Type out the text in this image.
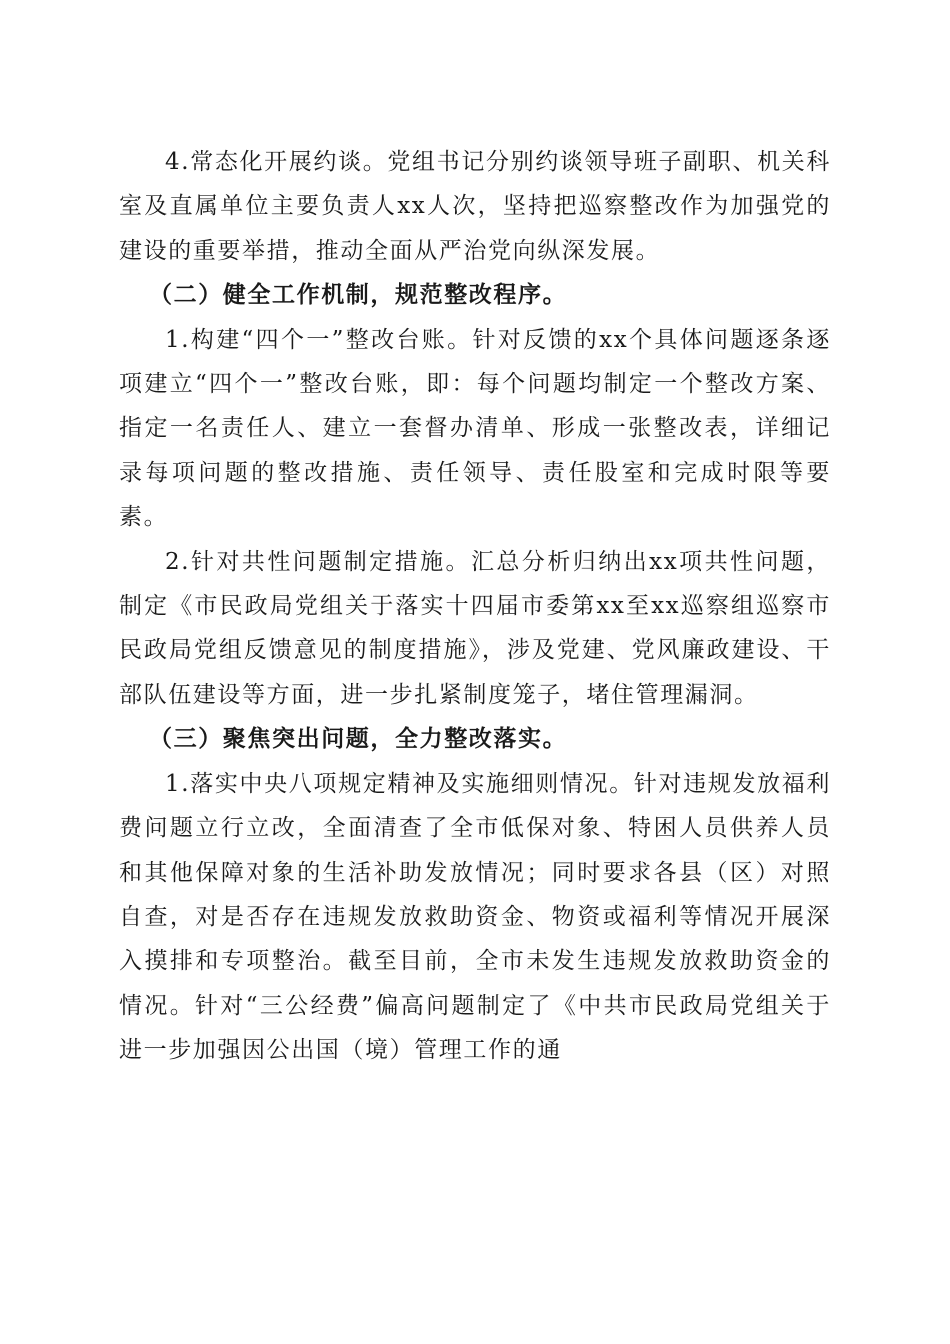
4.常态化开展约谈。党组书记分别约谈领导班子副职、机关科室及直属单位主要负责人xx人次，坚持把巡察整改作为加强党的建设的重要举措，推动全面从严治党向纵深发展。

（二）健全工作机制，规范整改程序。

1.构建“四个一”整改台账。针对反馈的xx个具体问题逐条逐项建立“四个一”整改台账，即：每个问题均制定一个整改方案、指定一名责任人、建立一套督办清单、形成一张整改表，详细记录每项问题的整改措施、责任领导、责任股室和完成时限等要素。

2.针对共性问题制定措施。汇总分析归纳出xx项共性问题，制定《市民政局党组关于落实十四届市委第xx至xx巡察组巡察市民政局党组反馈意见的制度措施》，涉及党建、党风廉政建设、干部队伍建设等方面，进一步扎紧制度笼子，堵住管理漏洞。

（三）聚焦突出问题，全力整改落实。

1.落实中央八项规定精神及实施细则情况。针对违规发放福利费问题立行立改，全面清查了全市低保对象、特困人员供养人员和其他保障对象的生活补助发放情况；同时要求各县（区）对照自查，对是否存在违规发放救助资金、物资或福利等情况开展深入摸排和专项整治。截至目前，全市未发生违规发放救助资金的情况。针对“三公经费”偏高问题制定了《中共市民政局党组关于进一步加强因公出国（境）管理工作的通
